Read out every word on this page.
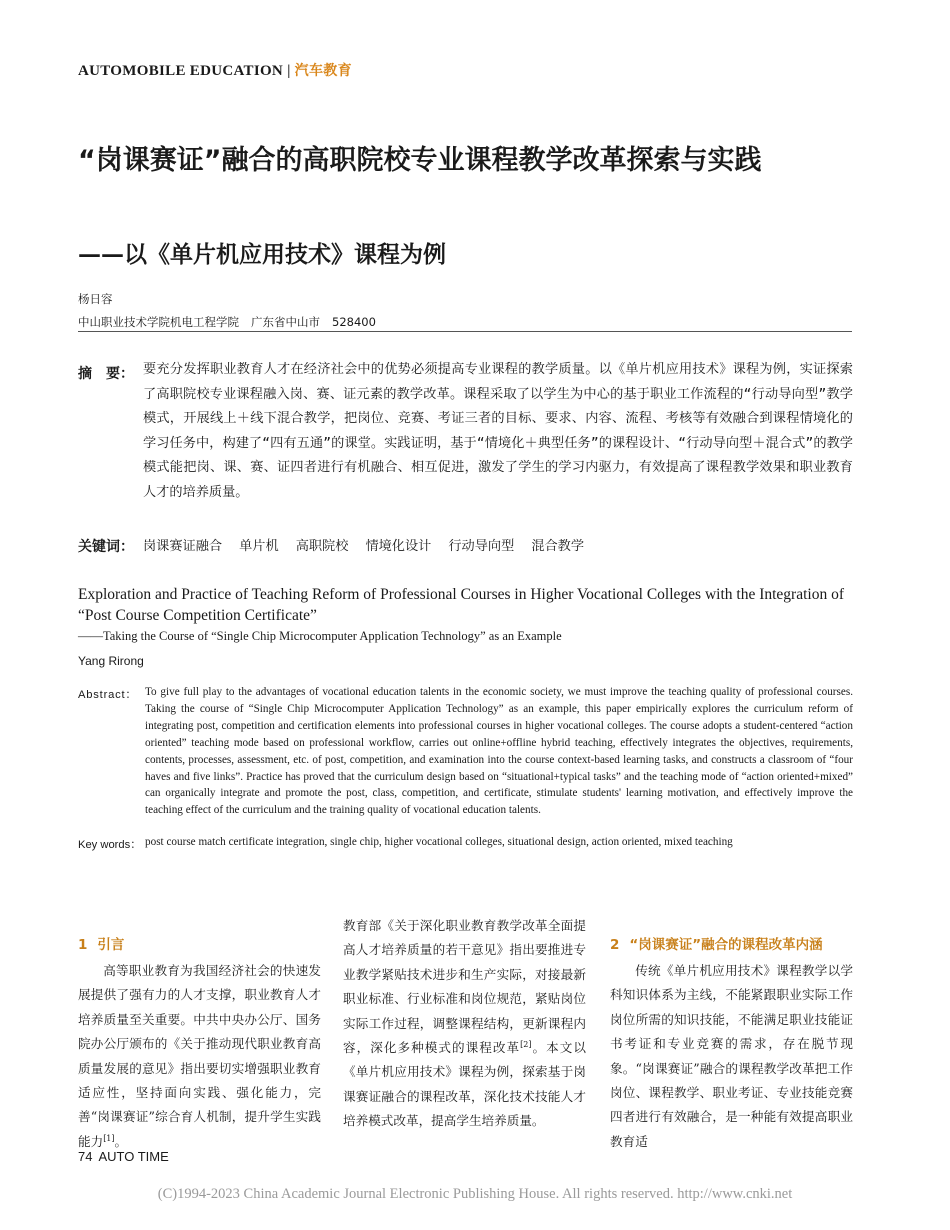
AUTOMOBILE EDUCATION | 汽车教育
“岗课赛证”融合的高职院校专业课程教学改革探索与实践
——以《单片机应用技术》课程为例
杨日容
中山职业技术学院机电工程学院 广东省中山市 528400
摘　要： 要充分发挥职业教育人才在经济社会中的优势必须提高专业课程的教学质量。以《单片机应用技术》课程为例，实证探索了高职院校专业课程融入岗、赛、证元素的教学改革。课程采取了以学生为中心的基于职业工作流程的“行动导向型”教学模式，开展线上＋线下混合教学，把岗位、竞赛、考证三者的目标、要求、内容、流程、考核等有效融合到课程情境化的学习任务中，构建了“四有五通”的课堂。实践证明，基于“情境化＋典型任务”的课程设计、“行动导向型＋混合式”的教学模式能把岗、课、赛、证四者进行有机融合、相互促进，激发了学生的学习内驱力，有效提高了课程教学效果和职业教育人才的培养质量。
关键词： 岗课赛证融合 单片机 高职院校 情境化设计 行动导向型 混合教学
Exploration and Practice of Teaching Reform of Professional Courses in Higher Vocational Colleges with the Integration of “Post Course Competition Certificate”
——Taking the Course of “Single Chip Microcomputer Application Technology” as an Example
Yang Rirong
Abstract： To give full play to the advantages of vocational education talents in the economic society, we must improve the teaching quality of professional courses. Taking the course of “Single Chip Microcomputer Application Technology” as an example, this paper empirically explores the curriculum reform of integrating post, competition and certification elements into professional courses in higher vocational colleges. The course adopts a student-centered “action oriented” teaching mode based on professional workflow, carries out online+offline hybrid teaching, effectively integrates the objectives, requirements, contents, processes, assessment, etc. of post, competition, and examination into the course context-based learning tasks, and constructs a classroom of “four haves and five links”. Practice has proved that the curriculum design based on “situational+typical tasks” and the teaching mode of “action oriented+mixed” can organically integrate and promote the post, class, competition, and certificate, stimulate students' learning motivation, and effectively improve the teaching effect of the curriculum and the training quality of vocational education talents.
Key words： post course match certificate integration, single chip, higher vocational colleges, situational design, action oriented, mixed teaching
1 引言

高等职业教育为我国经济社会的快速发展提供了强有力的人才支撑，职业教育人才培养质量至关重要。中共中央办公厅、国务院办公厅颁布的《关于推动现代职业教育高质量发展的意见》指出要切实增强职业教育适应性，坚持面向实践、强化能力，完善“岗课赛证”综合育人机制，提升学生实践能力[1]。

教育部《关于深化职业教育教学改革全面提高人才培养质量的若干意见》指出要推进专业教学紧贴技术进步和生产实际，对接最新职业标准、行业标准和岗位规范，紧贴岗位实际工作过程，调整课程结构，更新课程内容，深化多种模式的课程改革[2]。本文以《单片机应用技术》课程为例，探索基于岗课赛证融合的课程改革，深化技术技能人才培养模式改革，提高学生培养质量。

2 “岗课赛证”融合的课程改革内涵

传统《单片机应用技术》课程教学以学科知识体系为主线，不能紧跟职业实际工作岗位所需的知识技能，不能满足职业技能证书考证和专业竞赛的需求，存在脱节现象。“岗课赛证”融合的课程教学改革把工作岗位、课程教学、职业考证、专业技能竞赛四者进行有效融合，是一种能有效提高职业教育适

74 AUTO TIME
(C)1994-2023 China Academic Journal Electronic Publishing House. All rights reserved. http://www.cnki.net
